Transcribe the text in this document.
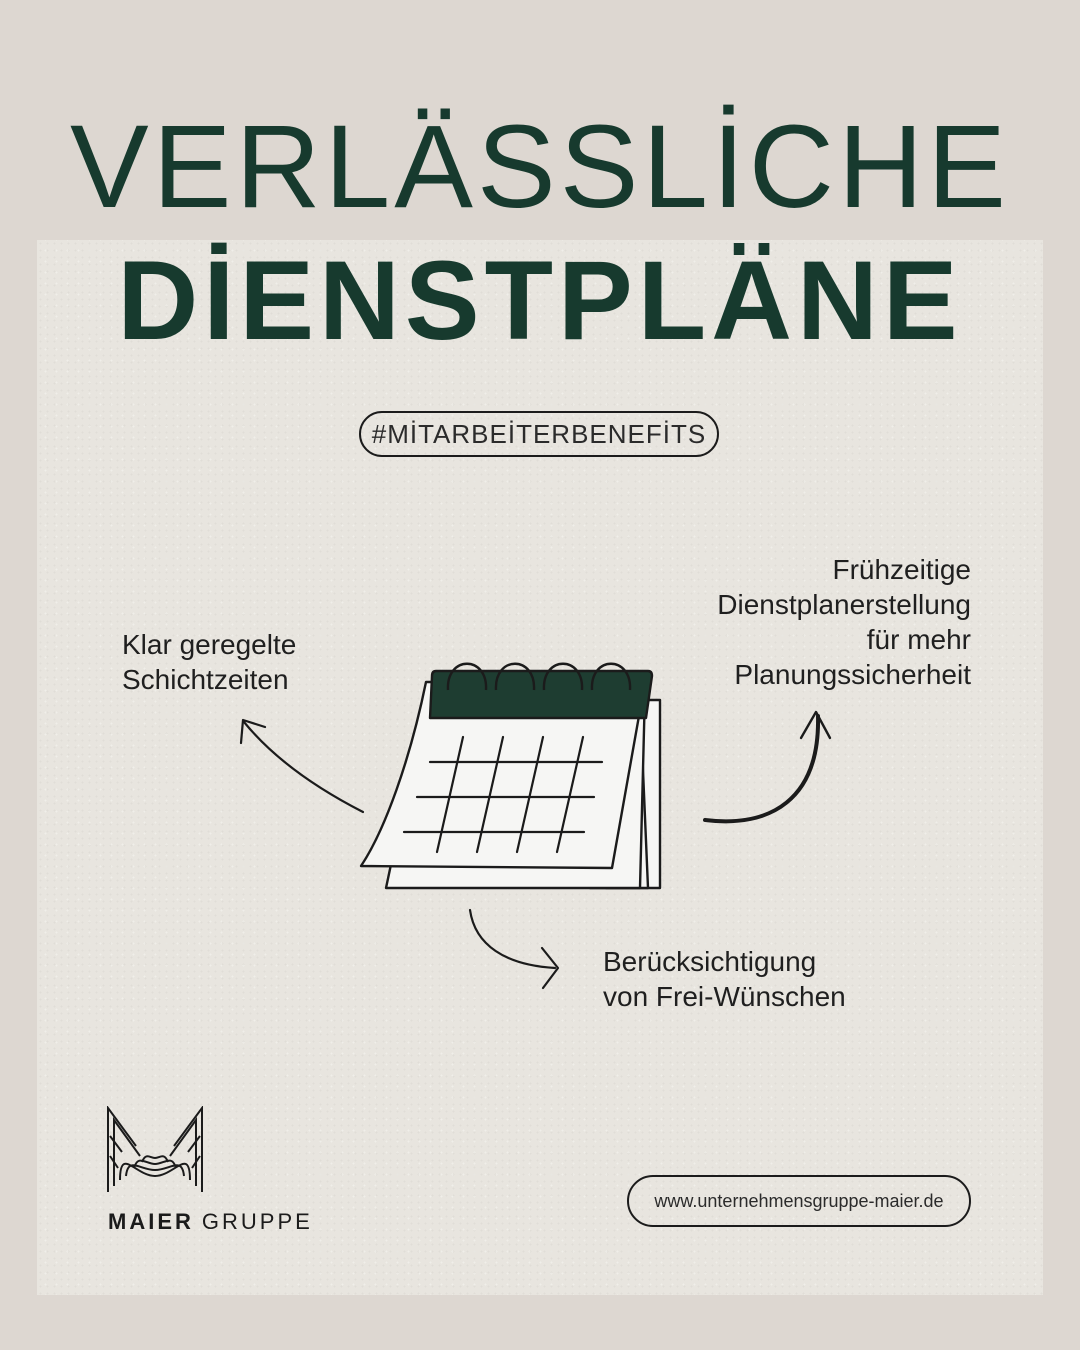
VERLÄSSLİCHE
DİENSTPLÄNE
#MİTARBEİTERBENEFİTS
Klar geregelte
Schichtzeiten
Frühzeitige
Dienstplanerstellung
für mehr
Planungssicherheit
Berücksichtigung
von Frei-Wünschen
MAIER GRUPPE
www.unternehmensgruppe-maier.de
